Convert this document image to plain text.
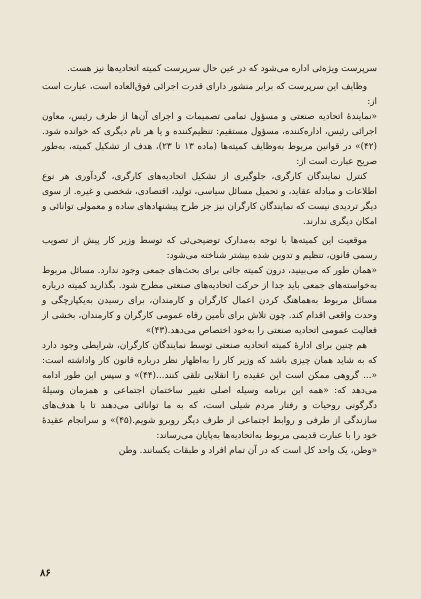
سرپرست ویژه‌ئی اداره می‌شود که در عین حال سرپرست کمیته اتحادیه‌ها نیز هست.

وظایف این سرپرست که برابر منشور دارای قدرت اجرائی فوق‌العاده است، عبارت است از:

«نمایندهٔ اتحادیه صنعتی و مسؤول تمامی تصمیمات و اجرای آن‌ها از طرف رئیس، معاون اجرائی رئیس، اداره‌کننده، مسؤول مستقیم: تنظیم‌کننده و یا هر نام دیگری که خوانده شود.(۴۲)» در قوانین مربوط به‌وظایف کمیته‌ها (ماده ۱۳ تا ۲۳)، هدف از تشکیل کمیته، به‌طور صریح عبارت است از:

کنترل نمایندگان کارگری، جلوگیری از تشکیل اتحادیه‌های کارگری، گردآوری هر نوع اطلاعات و مبادله عقاید، و تحمیل مسائل سیاسی، تولید، اقتصادی، شخصی و غیره. از سوی دیگر تردیدی نیست که نمایندگان کارگران نیز جز طرح پیشنهادهای ساده و معمولی توانائی و امکان دیگری ندارند.

موقعیت این کمیته‌ها با توجه به‌مدارک توضیحی‌ئی که توسط وزیر کار پیش از تصویب رسمی قانون، تنظیم و تدوین شده بیشتر شناخته می‌شود:

«همان طور که می‌بینید، درون کمیته جائی برای بحث‌های جمعی وجود ندارد. مسائل مربوط به‌خواسته‌های جمعی باید جدا از حرکت اتحادیه‌های صنعتی مطرح شود. بگذارید کمیته درباره مسائل مربوط به‌هماهنگ کردن اعمال کارگران و کارمندان، برای رسیدن به‌یکپارچگی و وحدت واقعی اقدام کند. چون تلاش برای تأمین رفاه عمومی کارگران و کارمندان، بخشی از فعالیت عمومی اتحادیه صنعتی را به‌خود اختصاص می‌دهد.(۴۳)»

هم چنین برای ادارهٔ کمیته اتحادیه صنعتی توسط نمایندگان کارگران، شرایطی وجود دارد که به شاید همان چیزی باشد که وزیر کار را به‌اظهار نظر درباره قانون کار واداشته است: «... گروهی ممکن است این عقیده را انقلابی تلقی کنند...(۴۴)» و سپس این طور ادامه می‌دهد که: «همه این برنامه وسیله اصلی تغییر ساختمان اجتماعی و همزمان وسیلهٔ دگرگونی روحیات و رفتار مردم شیلی است، که به ما توانائی می‌دهند تا با هدف‌های سازندگی از طرفی و روابط اجتماعی از طرف دیگر روبرو شویم.(۴۵)» و سرانجام عقیدهٔ خود را با عبارت قدیمی مربوط به‌اتحادیه‌ها به‌پایان می‌رساند:

«وطن، یک واحد کل است که در آن تمام افراد و طبقات یکسانند. وطن

۸۶
